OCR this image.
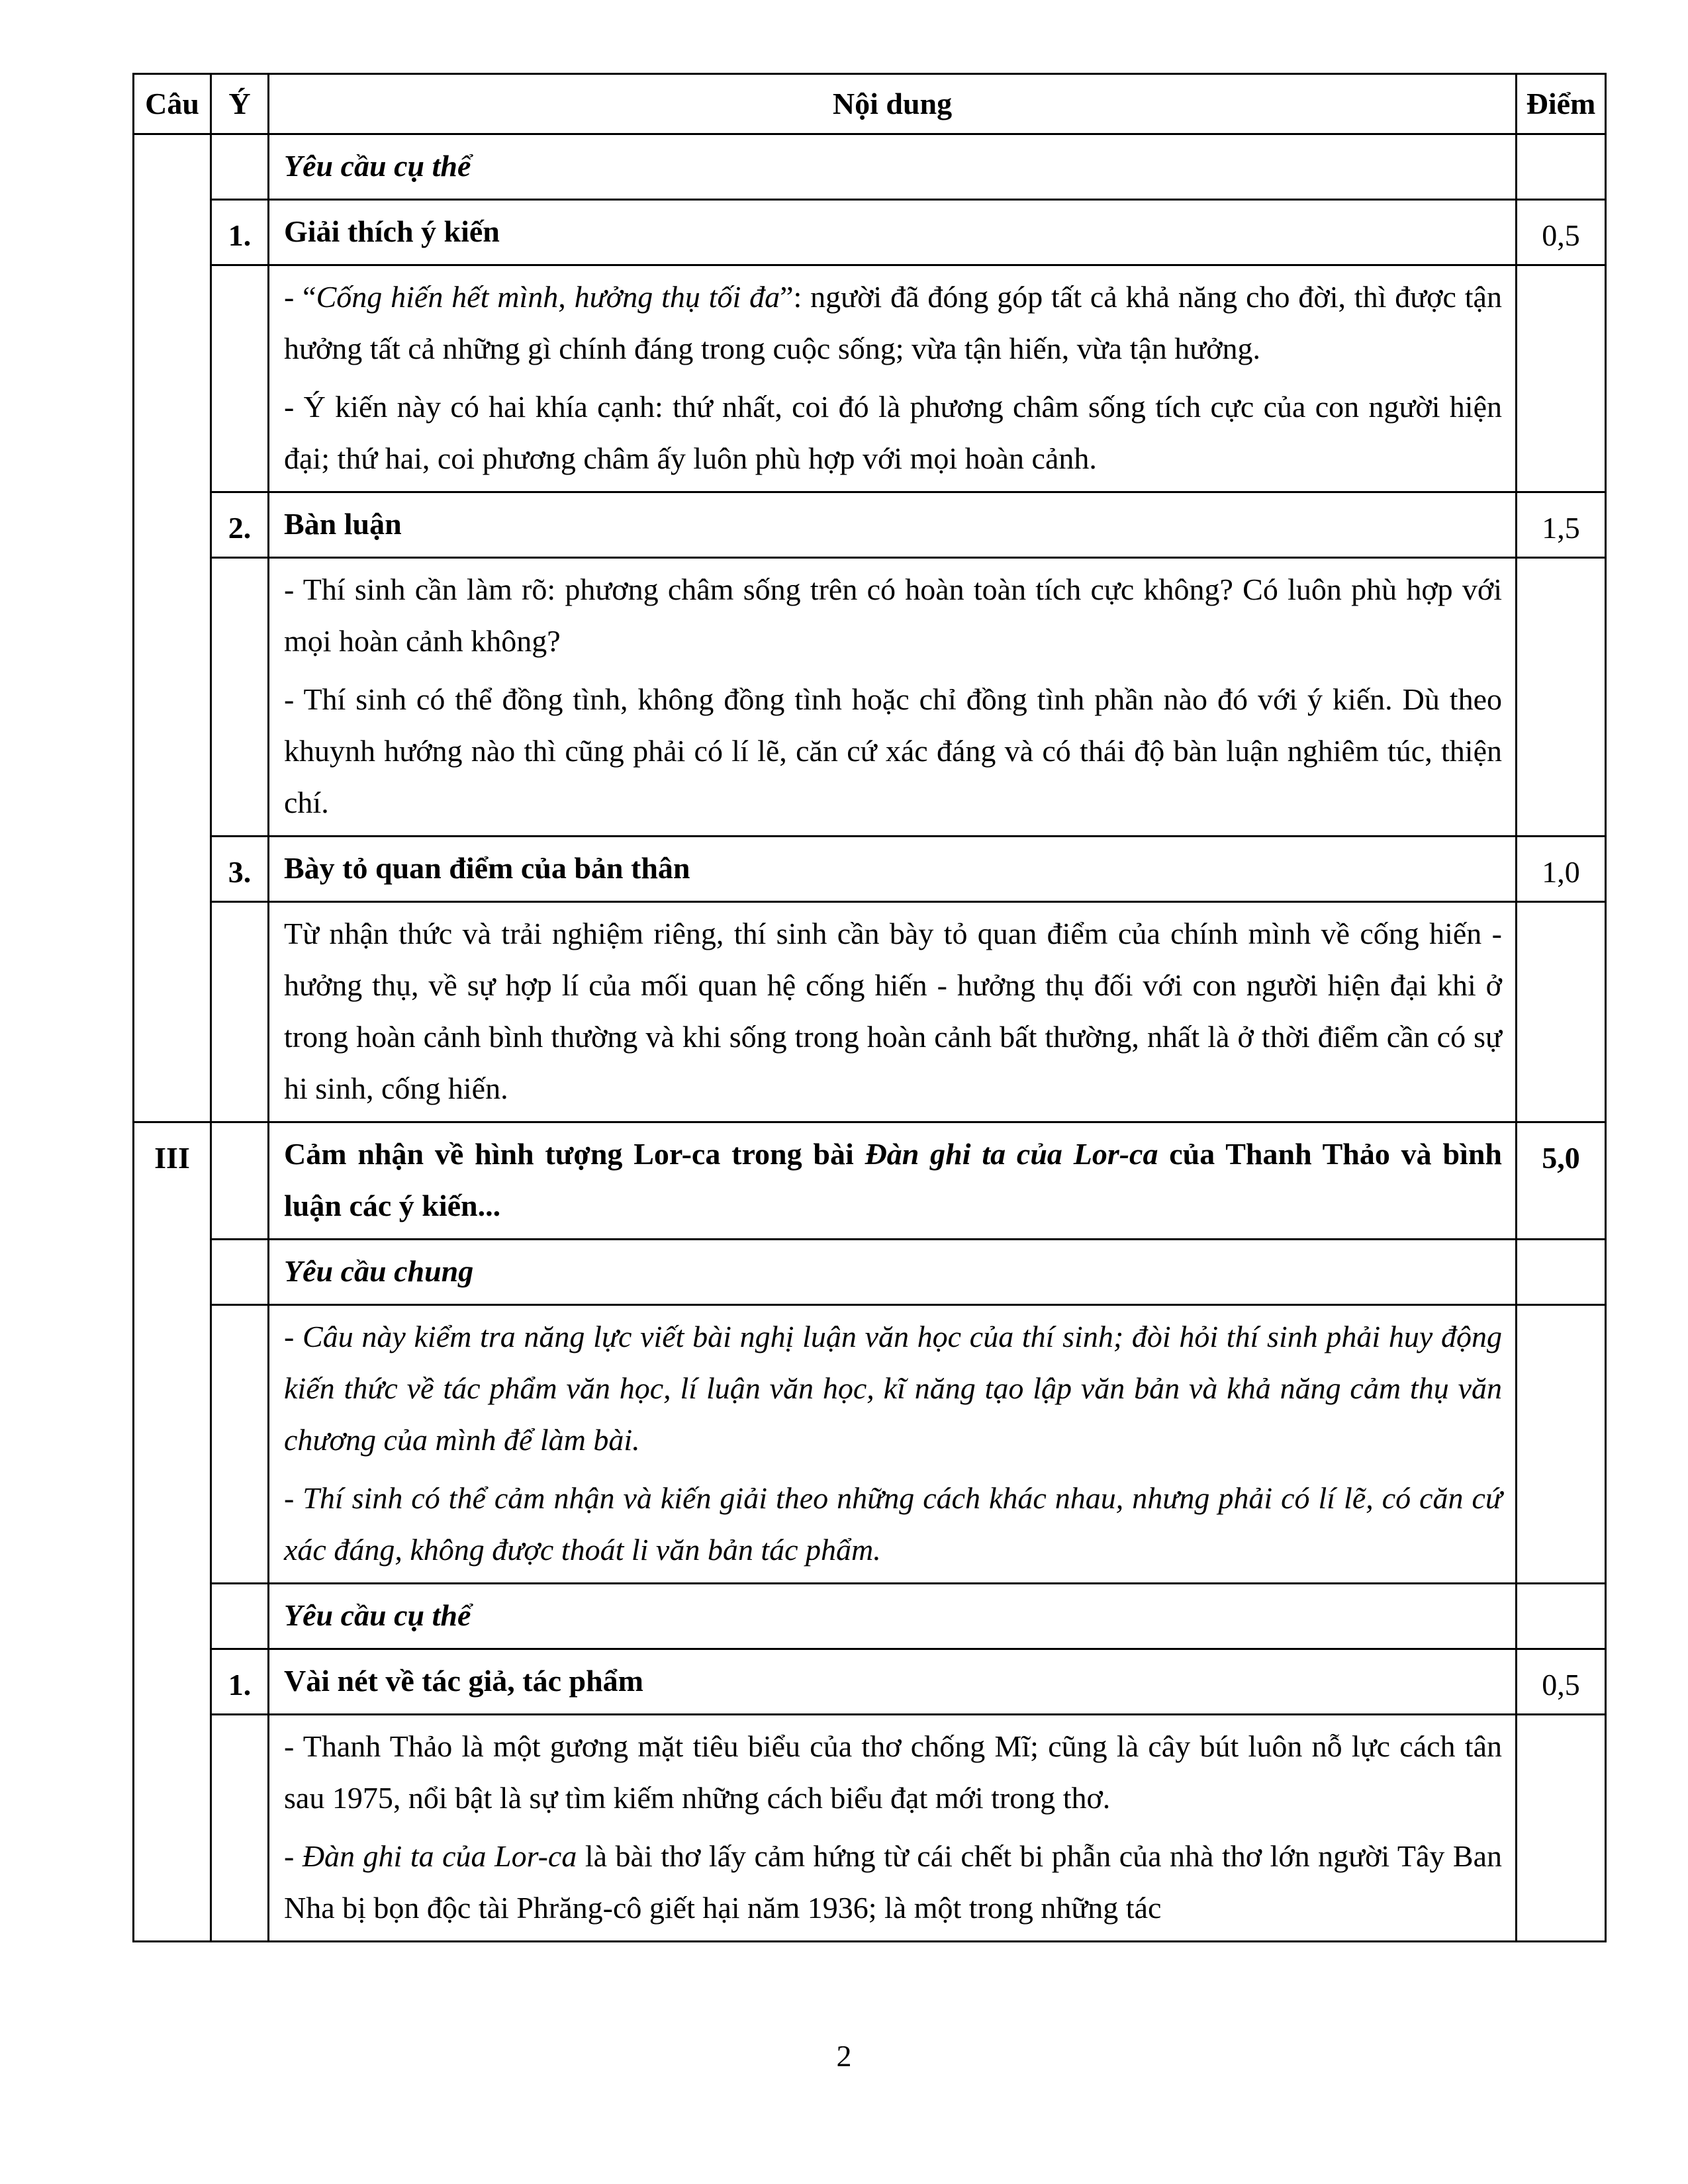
Câu	Ý	Nội dung	Điểm
		Yêu cầu cụ thể	
	1.	Giải thích ý kiến	0,5

		- “Cống hiến hết mình, hưởng thụ tối đa”: người đã đóng góp tất cả khả năng cho đời, thì được tận hưởng tất cả những gì chính đáng trong cuộc sống; vừa tận hiến, vừa tận hưởng.

- Ý kiến này có hai khía cạnh: thứ nhất, coi đó là phương châm sống tích cực của con người hiện đại; thứ hai, coi phương châm ấy luôn phù hợp với mọi hoàn cảnh.	

	2.	Bàn luận	1,5

		- Thí sinh cần làm rõ: phương châm sống trên có hoàn toàn tích cực không? Có luôn phù hợp với mọi hoàn cảnh không?

- Thí sinh có thể đồng tình, không đồng tình hoặc chỉ đồng tình phần nào đó với ý kiến. Dù theo khuynh hướng nào thì cũng phải có lí lẽ, căn cứ xác đáng và có thái độ bàn luận nghiêm túc, thiện chí.	

	3.	Bày tỏ quan điểm của bản thân	1,0

		Từ nhận thức và trải nghiệm riêng, thí sinh cần bày tỏ quan điểm của chính mình về cống hiến - hưởng thụ, về sự hợp lí của mối quan hệ cống hiến - hưởng thụ đối với con người hiện đại khi ở trong hoàn cảnh bình thường và khi sống trong hoàn cảnh bất thường, nhất là ở thời điểm cần có sự hi sinh, cống hiến.	

III		Cảm nhận về hình tượng Lor-ca trong bài Đàn ghi ta của Lor-ca của Thanh Thảo và bình luận các ý kiến...	5,0
		Yêu cầu chung	

		- Câu này kiểm tra năng lực viết bài nghị luận văn học của thí sinh; đòi hỏi thí sinh phải huy động kiến thức về tác phẩm văn học, lí luận văn học, kĩ năng tạo lập văn bản và khả năng cảm thụ văn chương của mình để làm bài.

- Thí sinh có thể cảm nhận và kiến giải theo những cách khác nhau, nhưng phải có lí lẽ, có căn cứ xác đáng, không được thoát li văn bản tác phẩm.	

		Yêu cầu cụ thể	
	1.	Vài nét về tác giả, tác phẩm	0,5

		- Thanh Thảo là một gương mặt tiêu biểu của thơ chống Mĩ; cũng là cây bút luôn nỗ lực cách tân sau 1975, nổi bật là sự tìm kiếm những cách biểu đạt mới trong thơ.

- Đàn ghi ta của Lor-ca là bài thơ lấy cảm hứng từ cái chết bi phẫn của nhà thơ lớn người Tây Ban Nha bị bọn độc tài Phrăng-cô giết hại năm 1936; là một trong những tác	

2
